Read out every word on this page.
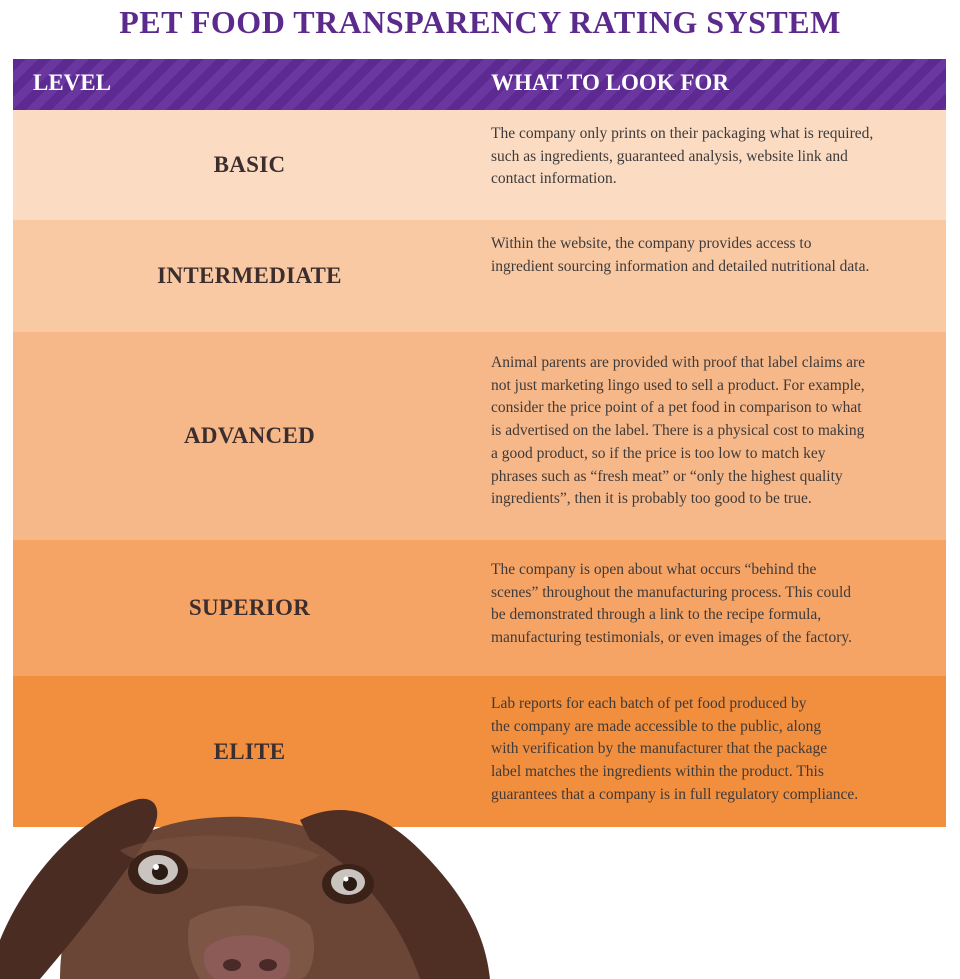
PET FOOD TRANSPARENCY RATING SYSTEM
LEVEL	WHAT TO LOOK FOR
BASIC
The company only prints on their packaging what is required,
such as ingredients, guaranteed analysis, website link and
contact information.
INTERMEDIATE
Within the website, the company provides access to
ingredient sourcing information and detailed nutritional data.
ADVANCED
Animal parents are provided with proof that label claims are
not just marketing lingo used to sell a product. For example,
consider the price point of a pet food in comparison to what
is advertised on the label. There is a physical cost to making
a good product, so if the price is too low to match key
phrases such as “fresh meat” or “only the highest quality
ingredients”, then it is probably too good to be true.
SUPERIOR
The company is open about what occurs “behind the
scenes” throughout the manufacturing process. This could
be demonstrated through a link to the recipe formula,
manufacturing testimonials, or even images of the factory.
ELITE
Lab reports for each batch of pet food produced by
the company are made accessible to the public, along
with verification by the manufacturer that the package
label matches the ingredients within the product. This
guarantees that a company is in full regulatory compliance.
